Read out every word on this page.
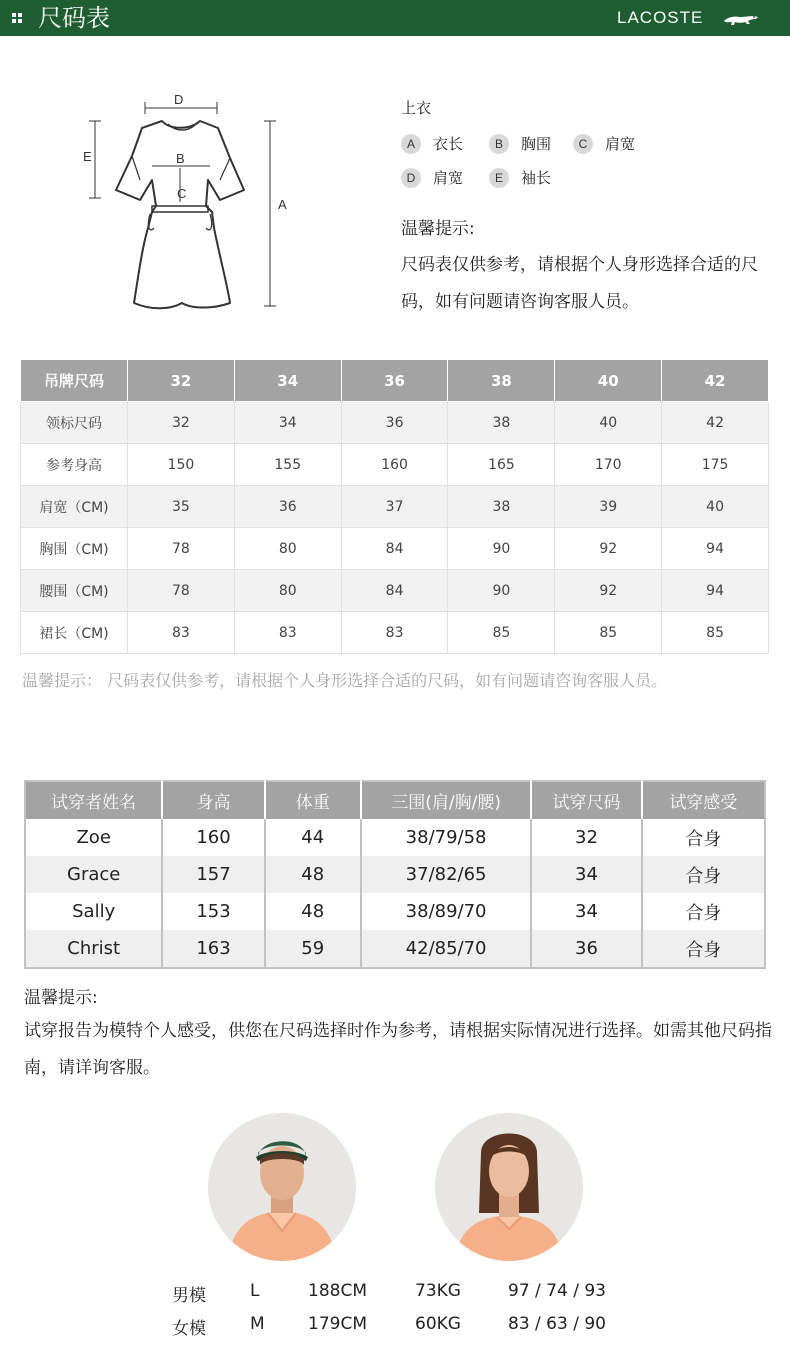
尺码表	LACOSTE
D
E	B
C
A
上衣
A	衣长	B	胸围	C	肩宽
D	肩宽	E	袖长
温馨提示:
尺码表仅供参考，请根据个人身形选择合适的尺码，如有问题请咨询客服人员。
吊牌尺码	32	34	36	38	40	42
领标尺码	32	34	36	38	40	42
参考身高	150	155	160	165	170	175
肩宽（CM)	35	36	37	38	39	40
胸围（CM)	78	80	84	90	92	94
腰围（CM)	78	80	84	90	92	94
裙长（CM)	83	83	83	85	85	85
温馨提示： 尺码表仅供参考，请根据个人身形选择合适的尺码，如有问题请咨询客服人员。
试穿者姓名	身高	体重	三围(肩/胸/腰)	试穿尺码	试穿感受
Zoe	160	44	38/79/58	32	合身
Grace	157	48	37/82/65	34	合身
Sally	153	48	38/89/70	34	合身
Christ	163	59	42/85/70	36	合身
温馨提示:
试穿报告为模特个人感受，供您在尺码选择时作为参考，请根据实际情况进行选择。如需其他尺码指南，请详询客服。
男模	L	188CM	73KG	97 / 74 / 93
女模	M	179CM	60KG	83 / 63 / 90
